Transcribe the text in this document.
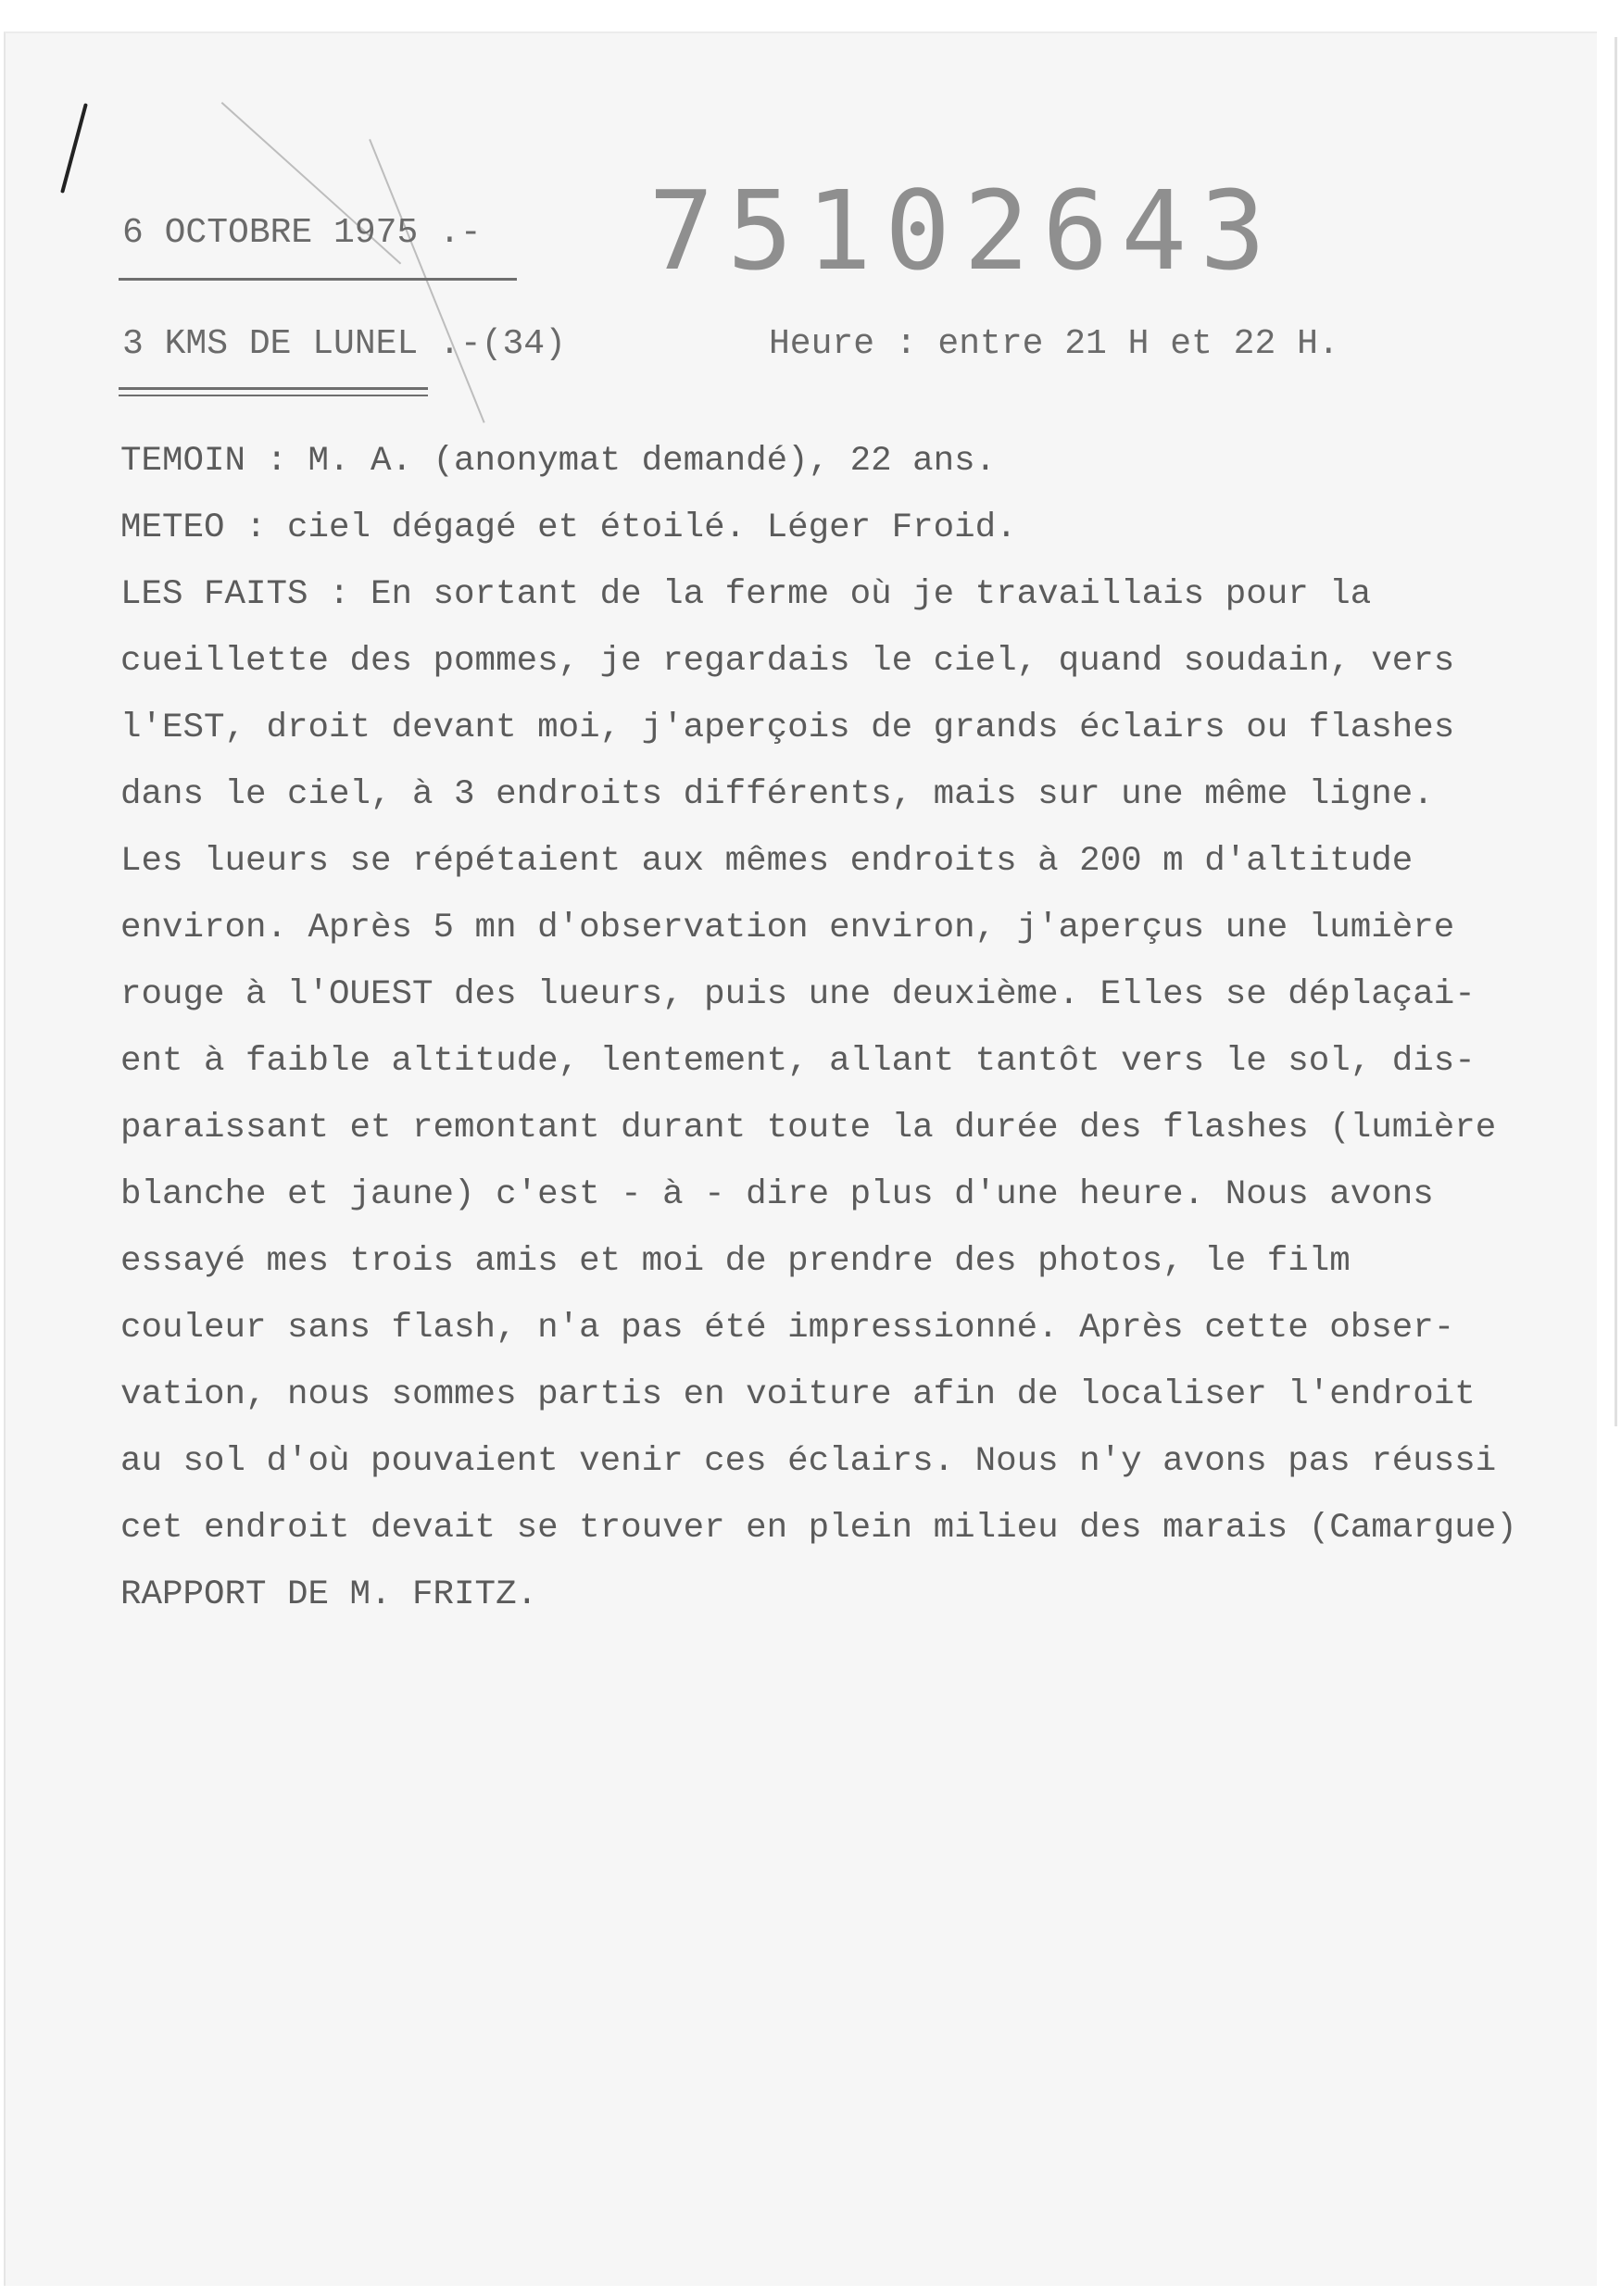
75102643
6 OCTOBRE 1975 .-
3 KMS DE LUNEL .-(34)	Heure : entre 21 H et 22 H.
TEMOIN : M. A. (anonymat demandé), 22 ans.
METEO : ciel dégagé et étoilé. Léger Froid.
LES FAITS : En sortant de la ferme où je travaillais pour la
cueillette des pommes, je regardais le ciel, quand soudain, vers
l'EST, droit devant moi, j'aperçois de grands éclairs ou flashes
dans le ciel, à 3 endroits différents, mais sur une même ligne.
Les lueurs se répétaient aux mêmes endroits à 200 m d'altitude
environ. Après 5 mn d'observation environ, j'aperçus une lumière
rouge à l'OUEST des lueurs, puis une deuxième. Elles se déplaçai-
ent à faible altitude, lentement, allant tantôt vers le sol, dis-
paraissant et remontant durant toute la durée des flashes (lumière
blanche et jaune) c'est - à - dire plus d'une heure. Nous avons
essayé mes trois amis et moi de prendre des photos, le film
couleur sans flash, n'a pas été impressionné. Après cette obser-
vation, nous sommes partis en voiture afin de localiser l'endroit
au sol d'où pouvaient venir ces éclairs. Nous n'y avons pas réussi
cet endroit devait se trouver en plein milieu des marais (Camargue)
RAPPORT DE M. FRITZ.
